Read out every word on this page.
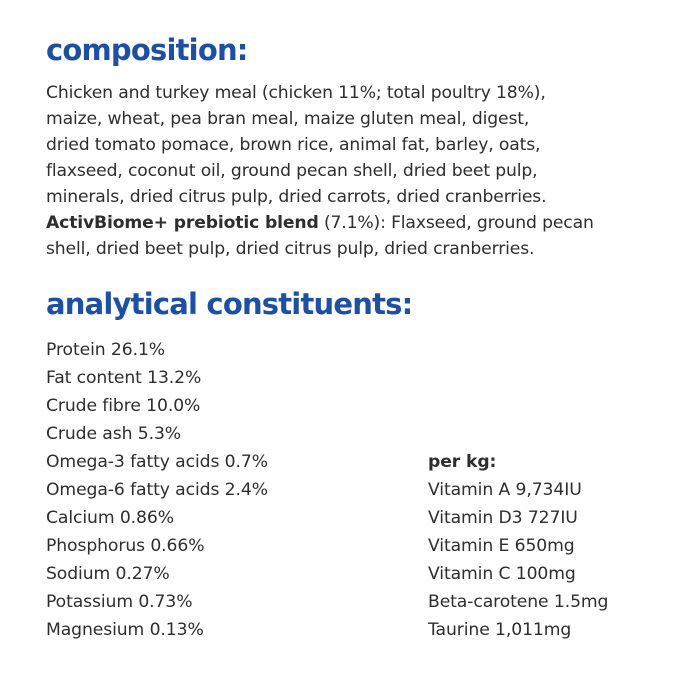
composition:
Chicken and turkey meal (chicken 11%; total poultry 18%),
maize, wheat, pea bran meal, maize gluten meal, digest,
dried tomato pomace, brown rice, animal fat, barley, oats,
flaxseed, coconut oil, ground pecan shell, dried beet pulp,
minerals, dried citrus pulp, dried carrots, dried cranberries.
ActivBiome+ prebiotic blend (7.1%): Flaxseed, ground pecan
shell, dried beet pulp, dried citrus pulp, dried cranberries.
analytical constituents:
Protein 26.1%
Fat content 13.2%
Crude fibre 10.0%
Crude ash 5.3%
Omega-3 fatty acids 0.7%
Omega-6 fatty acids 2.4%
Calcium 0.86%
Phosphorus 0.66%
Sodium 0.27%
Potassium 0.73%
Magnesium 0.13%
per kg:
Vitamin A 9,734IU
Vitamin D3 727IU
Vitamin E 650mg
Vitamin C 100mg
Beta-carotene 1.5mg
Taurine 1,011mg
